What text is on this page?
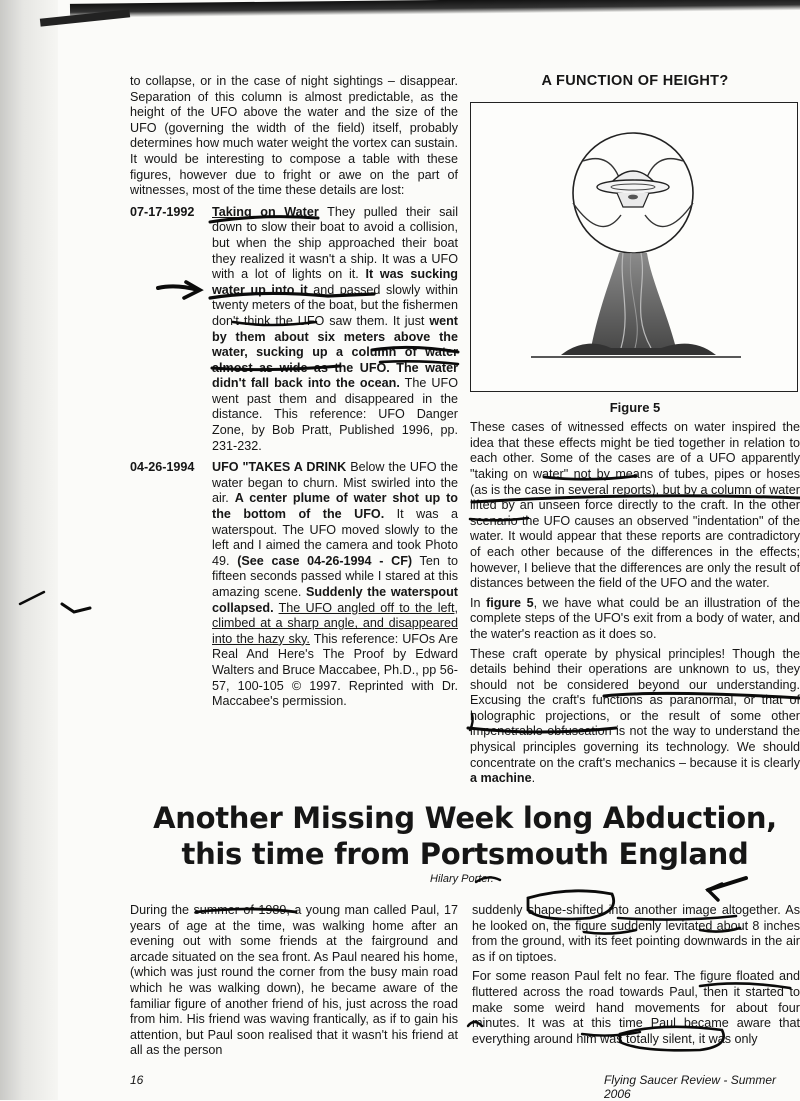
to collapse, or in the case of night sightings – disappear. Separation of this column is almost predictable, as the height of the UFO above the water and the size of the UFO (governing the width of the field) itself, probably determines how much water weight the vortex can sustain. It would be interesting to compose a table with these figures, however due to fright or awe on the part of witnesses, most of the time these details are lost:

07-17-1992	Taking on Water They pulled their sail down to slow their boat to avoid a collision, but when the ship approached their boat they realized it wasn't a ship. It was a UFO with a lot of lights on it. It was sucking water up into it and passed slowly within twenty meters of the boat, but the fishermen don't think the UFO saw them. It just went by them about six meters above the water, sucking up a column of water almost as wide as the UFO. The water didn't fall back into the ocean. The UFO went past them and disappeared in the distance. This reference: UFO Danger Zone, by Bob Pratt, Published 1996, pp. 231-232.
04-26-1994	UFO "TAKES A DRINK Below the UFO the water began to churn. Mist swirled into the air. A center plume of water shot up to the bottom of the UFO. It was a waterspout. The UFO moved slowly to the left and I aimed the camera and took Photo 49. (See case 04-26-1994 - CF) Ten to fifteen seconds passed while I stared at this amazing scene. Suddenly the waterspout collapsed. The UFO angled off to the left, climbed at a sharp angle, and disappeared into the hazy sky. This reference: UFOs Are Real And Here's The Proof by Edward Walters and Bruce Maccabee, Ph.D., pp 56-57, 100-105 © 1997. Reprinted with Dr. Maccabee's permission.
A FUNCTION OF HEIGHT?
Figure 5

These cases of witnessed effects on water inspired the idea that these effects might be tied together in relation to each other. Some of the cases are of a UFO apparently "taking on water" not by means of tubes, pipes or hoses (as is the case in several reports), but by a column of water lifted by an unseen force directly to the craft. In the other scenario the UFO causes an observed "indentation" of the water. It would appear that these reports are contradictory of each other because of the differences in the effects; however, I believe that the differences are only the result of distances between the field of the UFO and the water.

In figure 5, we have what could be an illustration of the complete steps of the UFO's exit from a body of water, and the water's reaction as it does so.

These craft operate by physical principles! Though the details behind their operations are unknown to us, they should not be considered beyond our understanding. Excusing the craft's functions as paranormal, or that of holographic projections, or the result of some other impenetrable obfuscation is not the way to understand the physical principles governing its technology. We should concentrate on the craft's mechanics – because it is clearly a machine.

Another Missing Week long Abduction, this time from Portsmouth England
Hilary Porter.

During the summer of 1989, a young man called Paul, 17 years of age at the time, was walking home after an evening out with some friends at the fairground and arcade situated on the sea front. As Paul neared his home, (which was just round the corner from the busy main road which he was walking down), he became aware of the familiar figure of another friend of his, just across the road from him. His friend was waving frantically, as if to gain his attention, but Paul soon realised that it wasn't his friend at all as the person

suddenly shape-shifted into another image altogether. As he looked on, the figure suddenly levitated about 8 inches from the ground, with its feet pointing downwards in the air as if on tiptoes.

For some reason Paul felt no fear. The figure floated and fluttered across the road towards Paul, then it started to make some weird hand movements for about four minutes. It was at this time Paul became aware that everything around him was totally silent, it was only

16	Flying Saucer Review - Summer 2006
